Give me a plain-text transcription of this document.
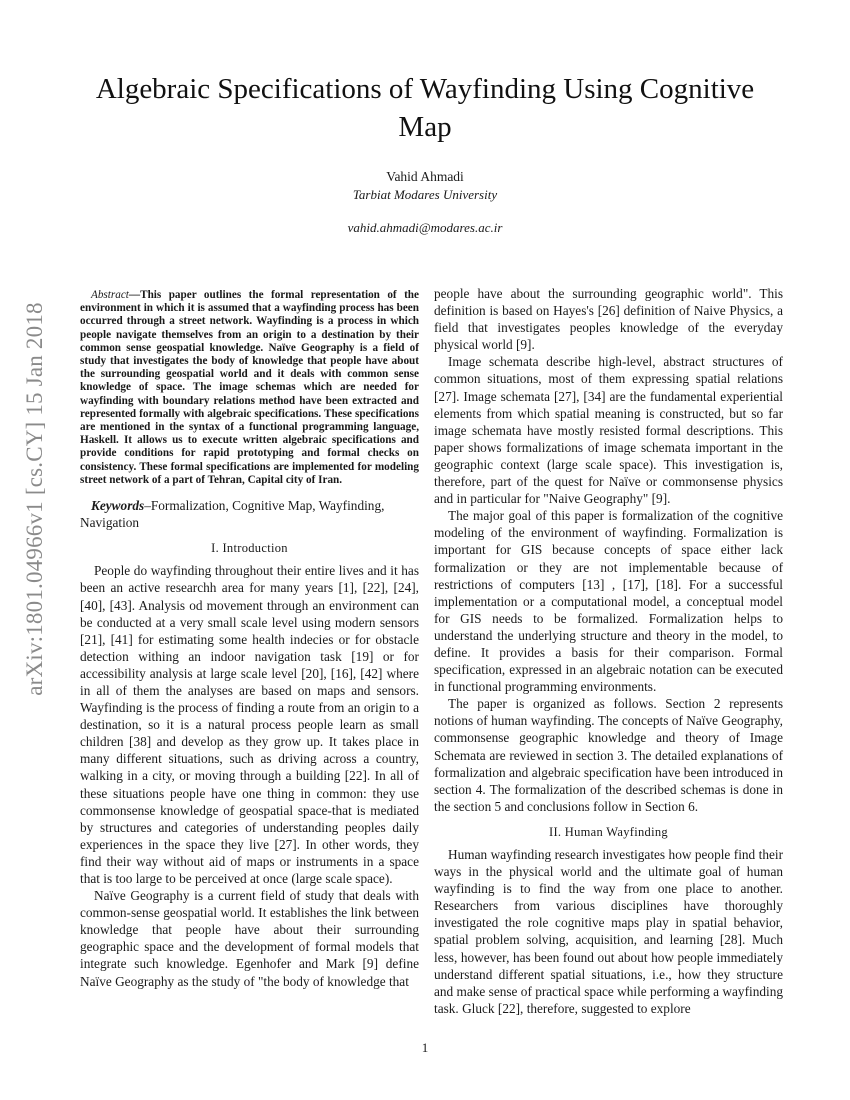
arXiv:1801.04966v1 [cs.CY] 15 Jan 2018
Algebraic Specifications of Wayfinding Using Cognitive Map
Vahid Ahmadi
Tarbiat Modares University
vahid.ahmadi@modares.ac.ir

Abstract—This paper outlines the formal representation of the environment in which it is assumed that a wayfinding process has been occurred through a street network. Wayfinding is a process in which people navigate themselves from an origin to a destination by their common sense geospatial knowledge. Naïve Geography is a field of study that investigates the body of knowledge that people have about the surrounding geospatial world and it deals with common sense knowledge of space. The image schemas which are needed for wayfinding with boundary relations method have been extracted and represented formally with algebraic specifications. These specifications are mentioned in the syntax of a functional programming language, Haskell. It allows us to execute written algebraic specifications and provide conditions for rapid prototyping and formal checks on consistency. These formal specifications are implemented for modeling street network of a part of Tehran, Capital city of Iran.

Keywords–Formalization, Cognitive Map, Wayfinding, Navigation

I. Introduction

People do wayfinding throughout their entire lives and it has been an active researchh area for many years [1], [22], [24], [40], [43]. Analysis od movement through an environment can be conducted at a very small scale level using modern sensors [21], [41] for estimating some health indecies or for obstacle detection withing an indoor navigation task [19] or for accessibility analysis at large scale level [20], [16], [42] where in all of them the analyses are based on maps and sensors. Wayfinding is the process of finding a route from an origin to a destination, so it is a natural process people learn as small children [38] and develop as they grow up. It takes place in many different situations, such as driving across a country, walking in a city, or moving through a building [22]. In all of these situations people have one thing in common: they use commonsense knowledge of geospatial space-that is mediated by structures and categories of understanding peoples daily experiences in the space they live [27]. In other words, they find their way without aid of maps or instruments in a space that is too large to be perceived at once (large scale space).

Naïve Geography is a current field of study that deals with common-sense geospatial world. It establishes the link between knowledge that people have about their surrounding geographic space and the development of formal models that integrate such knowledge. Egenhofer and Mark [9] define Naïve Geography as the study of "the body of knowledge that

people have about the surrounding geographic world". This definition is based on Hayes's [26] definition of Naive Physics, a field that investigates peoples knowledge of the everyday physical world [9].

Image schemata describe high-level, abstract structures of common situations, most of them expressing spatial relations [27]. Image schemata [27], [34] are the fundamental experiential elements from which spatial meaning is constructed, but so far image schemata have mostly resisted formal descriptions. This paper shows formalizations of image schemata important in the geographic context (large scale space). This investigation is, therefore, part of the quest for Naïve or commonsense physics and in particular for "Naive Geography" [9].

The major goal of this paper is formalization of the cognitive modeling of the environment of wayfinding. Formalization is important for GIS because concepts of space either lack formalization or they are not implementable because of restrictions of computers [13] , [17], [18]. For a successful implementation or a computational model, a conceptual model for GIS needs to be formalized. Formalization helps to understand the underlying structure and theory in the model, to define. It provides a basis for their comparison. Formal specification, expressed in an algebraic notation can be executed in functional programming environments.

The paper is organized as follows. Section 2 represents notions of human wayfinding. The concepts of Naïve Geography, commonsense geographic knowledge and theory of Image Schemata are reviewed in section 3. The detailed explanations of formalization and algebraic specification have been introduced in section 4. The formalization of the described schemas is done in the section 5 and conclusions follow in Section 6.

II. Human Wayfinding

Human wayfinding research investigates how people find their ways in the physical world and the ultimate goal of human wayfinding is to find the way from one place to another. Researchers from various disciplines have thoroughly investigated the role cognitive maps play in spatial behavior, spatial problem solving, acquisition, and learning [28]. Much less, however, has been found out about how people immediately understand different spatial situations, i.e., how they structure and make sense of practical space while performing a wayfinding task. Gluck [22], therefore, suggested to explore

1
